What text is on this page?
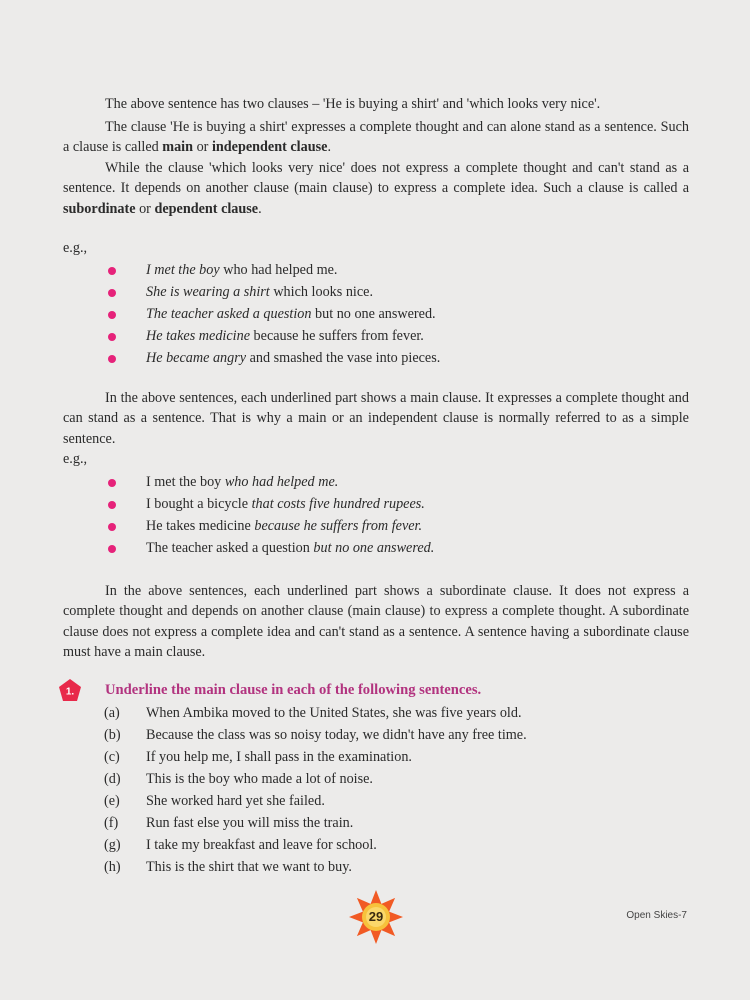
The above sentence has two clauses – 'He is buying a shirt' and 'which looks very nice'.

The clause 'He is buying a shirt' expresses a complete thought and can alone stand as a sentence. Such a clause is called main or independent clause.

While the clause 'which looks very nice' does not express a complete thought and can't stand as a sentence. It depends on another clause (main clause) to express a complete idea. Such a clause is called a subordinate or dependent clause.

e.g.,

I met the boy who had helped me.
She is wearing a shirt which looks nice.
The teacher asked a question but no one answered.
He takes medicine because he suffers from fever.
He became angry and smashed the vase into pieces.

In the above sentences, each underlined part shows a main clause. It expresses a complete thought and can stand as a sentence. That is why a main or an independent clause is normally referred to as a simple sentence.

e.g.,

I met the boy who had helped me.
I bought a bicycle that costs five hundred rupees.
He takes medicine because he suffers from fever.
The teacher asked a question but no one answered.

In the above sentences, each underlined part shows a subordinate clause. It does not express a complete thought and depends on another clause (main clause) to express a complete thought. A subordinate clause does not express a complete idea and can't stand as a sentence. A sentence having a subordinate clause must have a main clause.

1. Underline the main clause in each of the following sentences.
(a) When Ambika moved to the United States, she was five years old.
(b) Because the class was so noisy today, we didn't have any free time.
(c) If you help me, I shall pass in the examination.
(d) This is the boy who made a lot of noise.
(e) She worked hard yet she failed.
(f) Run fast else you will miss the train.
(g) I take my breakfast and leave for school.
(h) This is the shirt that we want to buy.
29	Open Skies-7
